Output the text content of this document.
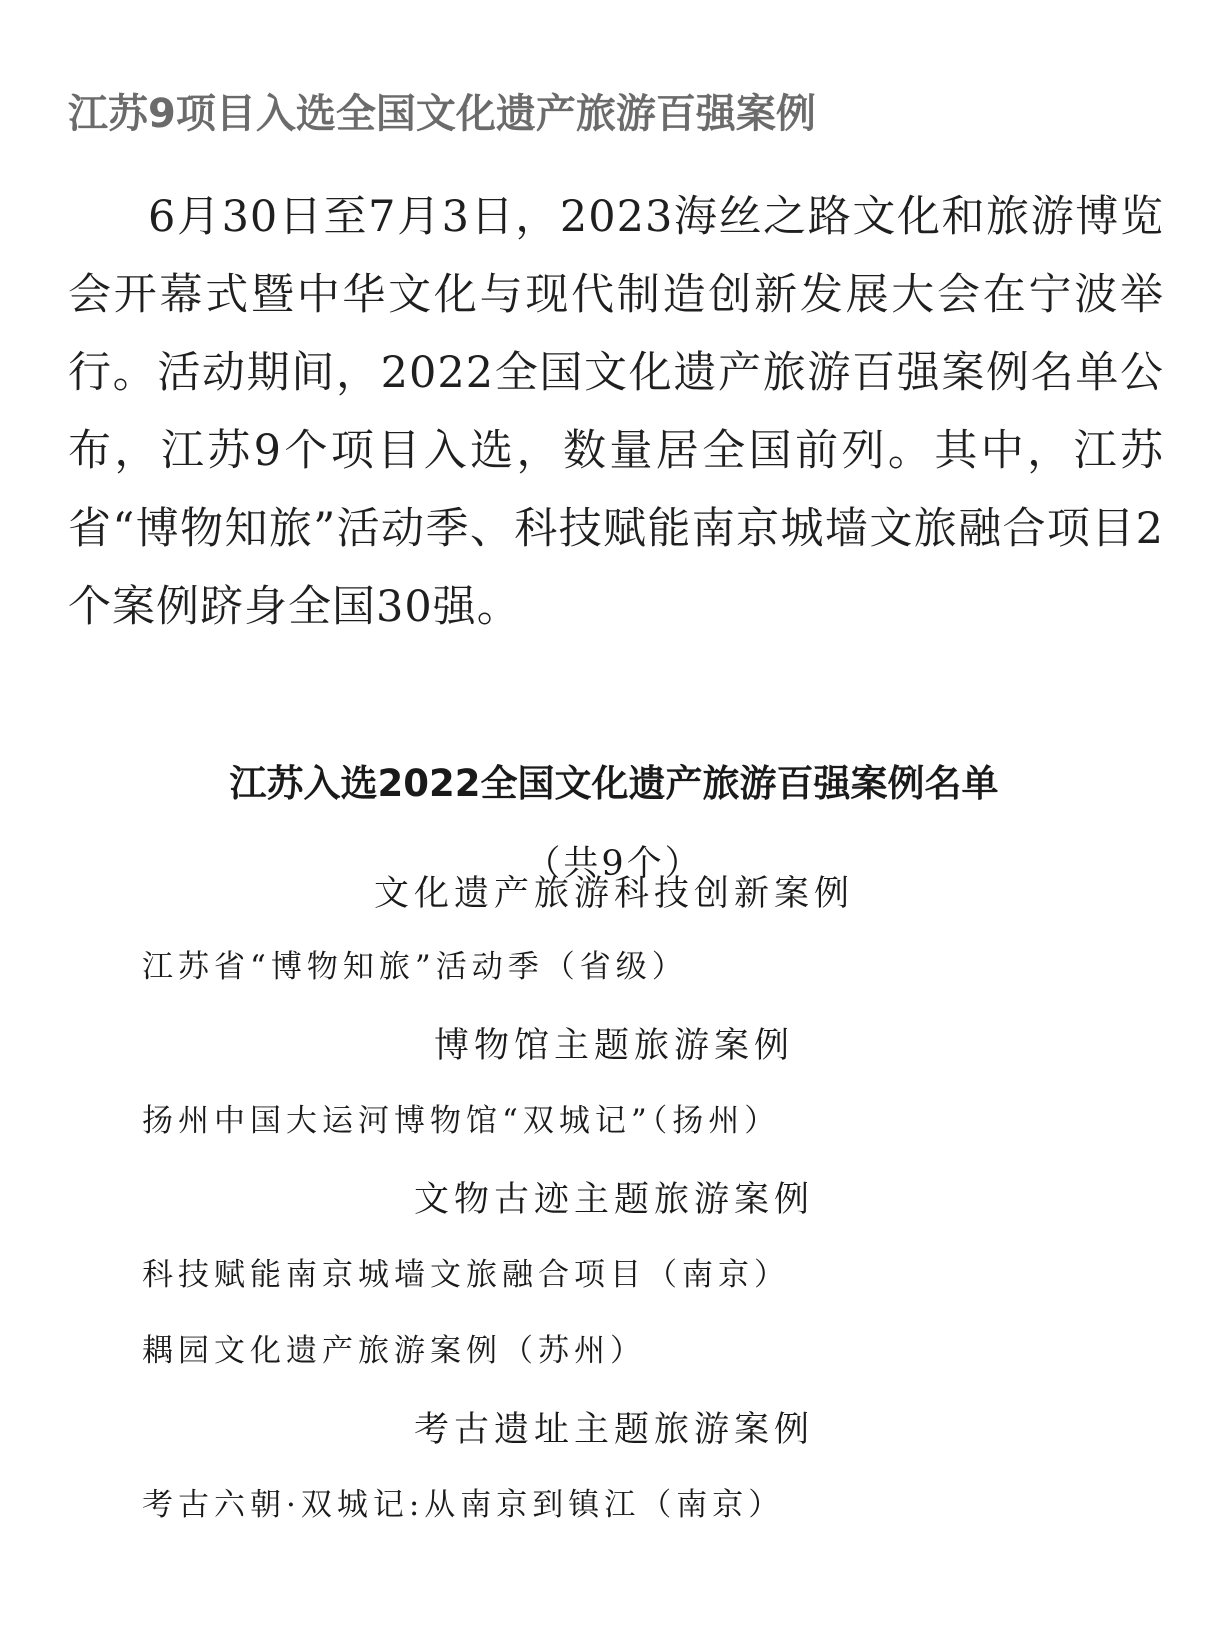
江苏9项目入选全国文化遗产旅游百强案例

6月30日至7月3日，2023海丝之路文化和旅游博览会开幕式暨中华文化与现代制造创新发展大会在宁波举行。活动期间，2022全国文化遗产旅游百强案例名单公布，江苏9个项目入选，数量居全国前列。其中，江苏省“博物知旅”活动季、科技赋能南京城墙文旅融合项目2个案例跻身全国30强。

江苏入选2022全国文化遗产旅游百强案例名单
（共9个）
文化遗产旅游科技创新案例
江苏省“博物知旅”活动季（省级）
博物馆主题旅游案例
扬州中国大运河博物馆“双城记”（扬州）
文物古迹主题旅游案例
科技赋能南京城墙文旅融合项目（南京）
耦园文化遗产旅游案例（苏州）
考古遗址主题旅游案例
考古六朝·双城记:从南京到镇江（南京）
